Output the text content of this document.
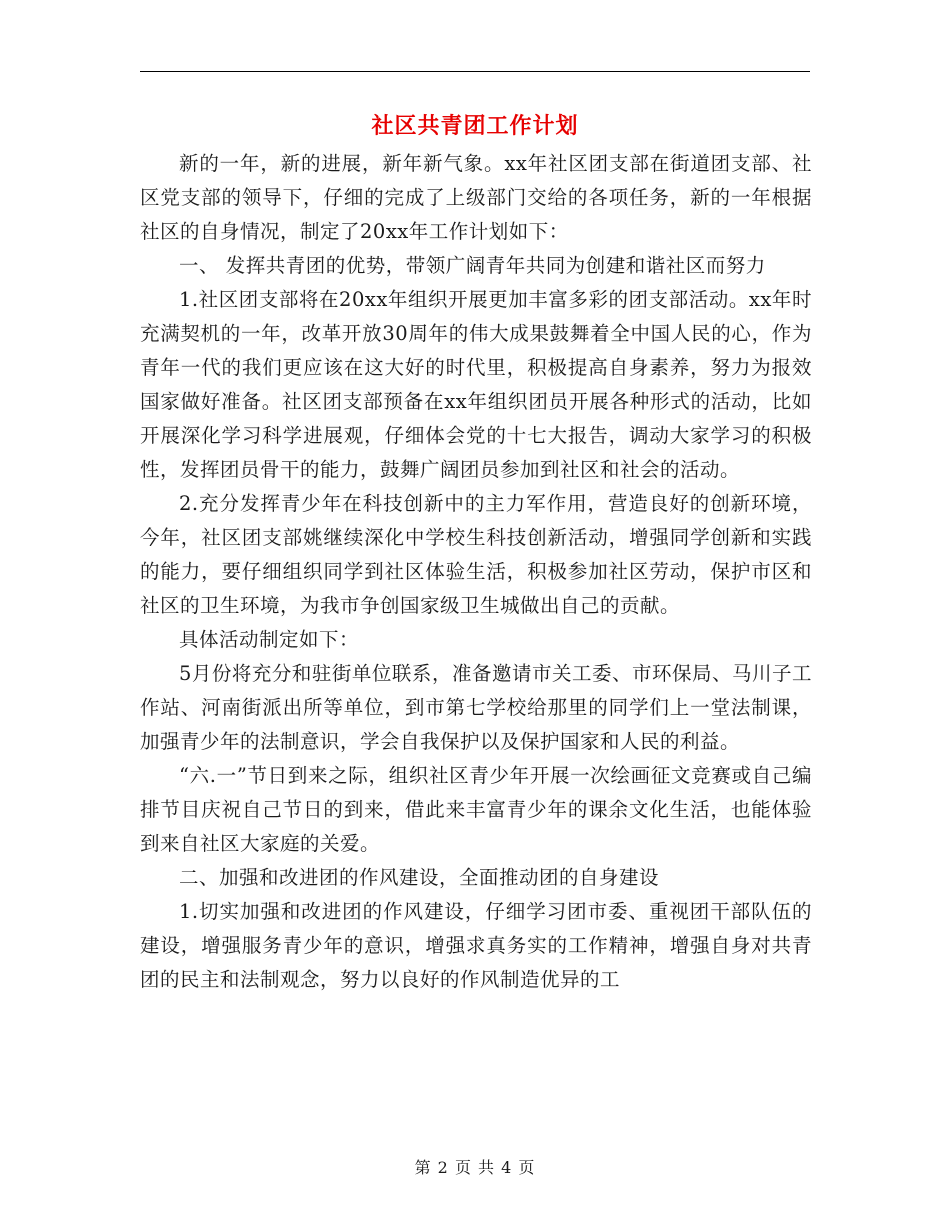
社区共青团工作计划

新的一年，新的进展，新年新气象。xx年社区团支部在街道团支部、社区党支部的领导下，仔细的完成了上级部门交给的各项任务，新的一年根据社区的自身情况，制定了20xx年工作计划如下：

一、 发挥共青团的优势，带领广阔青年共同为创建和谐社区而努力

1.社区团支部将在20xx年组织开展更加丰富多彩的团支部活动。xx年时充满契机的一年，改革开放30周年的伟大成果鼓舞着全中国人民的心，作为青年一代的我们更应该在这大好的时代里，积极提高自身素养，努力为报效国家做好准备。社区团支部预备在xx年组织团员开展各种形式的活动，比如开展深化学习科学进展观，仔细体会党的十七大报告，调动大家学习的积极性，发挥团员骨干的能力，鼓舞广阔团员参加到社区和社会的活动。

2.充分发挥青少年在科技创新中的主力军作用，营造良好的创新环境，今年，社区团支部姚继续深化中学校生科技创新活动，增强同学创新和实践的能力，要仔细组织同学到社区体验生活，积极参加社区劳动，保护市区和社区的卫生环境，为我市争创国家级卫生城做出自己的贡献。

具体活动制定如下：

5月份将充分和驻街单位联系，准备邀请市关工委、市环保局、马川子工作站、河南街派出所等单位，到市第七学校给那里的同学们上一堂法制课，加强青少年的法制意识，学会自我保护以及保护国家和人民的利益。

“六.一”节日到来之际，组织社区青少年开展一次绘画征文竞赛或自己编排节目庆祝自己节日的到来，借此来丰富青少年的课余文化生活，也能体验到来自社区大家庭的关爱。

二、加强和改进团的作风建设，全面推动团的自身建设

1.切实加强和改进团的作风建设，仔细学习团市委、重视团干部队伍的建设，增强服务青少年的意识，增强求真务实的工作精神，增强自身对共青团的民主和法制观念，努力以良好的作风制造优异的工

第 2 页 共 4 页
